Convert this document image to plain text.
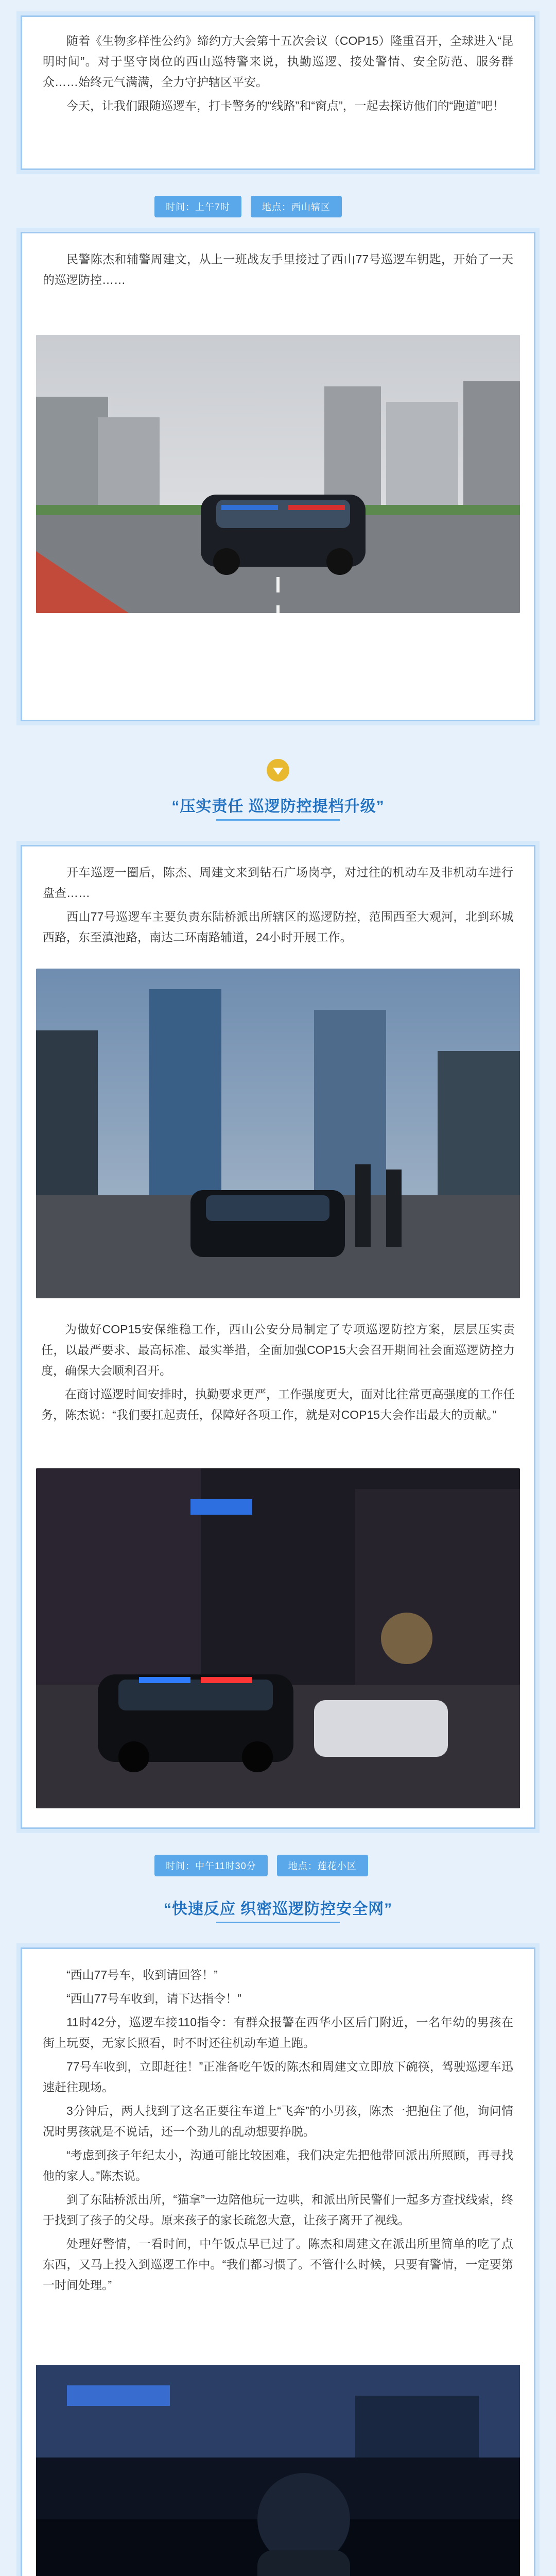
随着《生物多样性公约》缔约方大会第十五次会议（COP15）隆重召开，全球进入“昆明时间”。对于坚守岗位的西山巡特警来说，执勤巡逻、接处警情、安全防范、服务群众……始终元气满满，全力守护辖区平安。

今天，让我们跟随巡逻车，打卡警务的“线路”和“窗点”，一起去探访他们的“跑道”吧！

时间：上午7时	地点：西山辖区

民警陈杰和辅警周建文，从上一班战友手里接过了西山77号巡逻车钥匙，开始了一天的巡逻防控……

“压实责任 巡逻防控提档升级”

开车巡逻一圈后，陈杰、周建文来到钻石广场岗亭，对过往的机动车及非机动车进行盘查……

西山77号巡逻车主要负责东陆桥派出所辖区的巡逻防控，范围西至大观河，北到环城西路，东至滇池路，南达二环南路辅道，24小时开展工作。

为做好COP15安保维稳工作，西山公安分局制定了专项巡逻防控方案，层层压实责任，以最严要求、最高标准、最实举措，全面加强COP15大会召开期间社会面巡逻防控力度，确保大会顺利召开。

在商讨巡逻时间安排时，执勤要求更严，工作强度更大，面对比往常更高强度的工作任务，陈杰说：“我们要扛起责任，保障好各项工作，就是对COP15大会作出最大的贡献。”

时间：中午11时30分	地点：莲花小区
“快速反应 织密巡逻防控安全网”

“西山77号车，收到请回答！”

“西山77号车收到，请下达指令！”

11时42分，巡逻车接110指令：有群众报警在西华小区后门附近，一名年幼的男孩在街上玩耍，无家长照看，时不时还往机动车道上跑。

77号车收到，立即赶往！”正准备吃午饭的陈杰和周建文立即放下碗筷，驾驶巡逻车迅速赶往现场。

3分钟后，两人找到了这名正要往车道上“飞奔”的小男孩，陈杰一把抱住了他，询问情况时男孩就是不说话，还一个劲儿的乱动想要挣脱。

“考虑到孩子年纪太小，沟通可能比较困难，我们决定先把他带回派出所照顾，再寻找他的家人。”陈杰说。

到了东陆桥派出所，“猫拿”一边陪他玩一边哄，和派出所民警们一起多方查找线索，终于找到了孩子的父母。原来孩子的家长疏忽大意，让孩子离开了视线。

处理好警情，一看时间，中午饭点早已过了。陈杰和周建文在派出所里简单的吃了点东西，又马上投入到巡逻工作中。“我们都习惯了。不管什么时候，只要有警情，一定要第一时间处理。”
